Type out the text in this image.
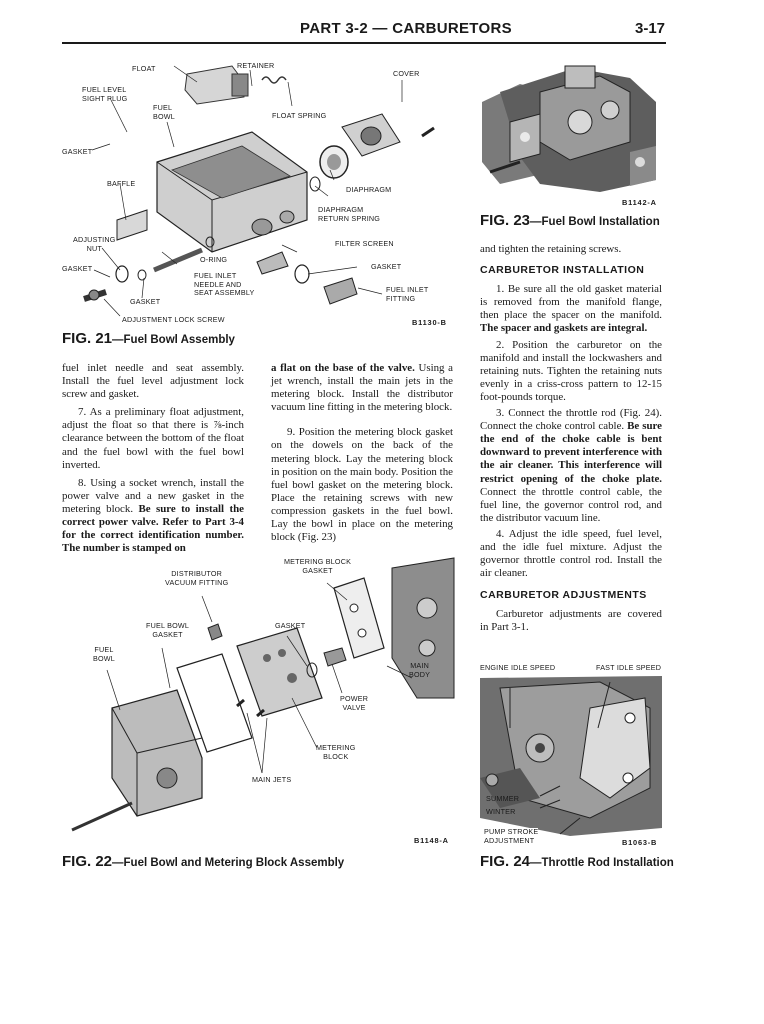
PART 3-2 — CARBURETORS	3-17
FLOAT	RETAINER
COVER
FUEL LEVEL
SIGHT PLUG
FUEL
BOWL	FLOAT SPRING
GASKET
BAFFLE
DIAPHRAGM
DIAPHRAGM
RETURN SPRING
ADJUSTING
NUT
FILTER SCREEN
O-RING
GASKET	GASKET
FUEL INLET
NEEDLE AND
SEAT ASSEMBLY	FUEL INLET
FITTING
GASKET
ADJUSTMENT LOCK SCREW	B1130-B
FIG. 21—Fuel Bowl Assembly
B1142-A
FIG. 23—Fuel Bowl Installation

fuel inlet needle and seat assembly. Install the fuel level adjustment lock screw and gasket.

7. As a preliminary float adjustment, adjust the float so that there is ⅞-inch clearance between the bottom of the float and the fuel bowl with the fuel bowl inverted.

8. Using a socket wrench, install the power valve and a new gasket in the metering block. Be sure to install the correct power valve. Refer to Part 3-4 for the correct identification number. The number is stamped on

a flat on the base of the valve. Using a jet wrench, install the main jets in the metering block. Install the distributor vacuum line fitting in the metering block.

9. Position the metering block gasket on the dowels on the back of the metering block. Lay the metering block in position on the main body. Position the fuel bowl gasket on the metering block. Place the retaining screws with new compression gaskets in the fuel bowl. Lay the bowl in place on the metering block (Fig. 23)

and tighten the retaining screws.

CARBURETOR INSTALLATION

1. Be sure all the old gasket material is removed from the manifold flange, then place the spacer on the manifold. The spacer and gaskets are integral.

2. Position the carburetor on the manifold and install the lockwashers and retaining nuts. Tighten the retaining nuts evenly in a criss-cross pattern to 12-15 foot-pounds torque.

3. Connect the throttle rod (Fig. 24). Connect the choke control cable. Be sure the end of the choke cable is bent downward to prevent interference with the air cleaner. This interference will restrict opening of the choke plate. Connect the throttle control cable, the fuel line, the governor control rod, and the distributor vacuum line.

4. Adjust the idle speed, fuel level, and the idle fuel mixture. Adjust the governor throttle control rod. Install the air cleaner.

CARBURETOR ADJUSTMENTS

Carburetor adjustments are covered in Part 3-1.

METERING BLOCK
GASKET
DISTRIBUTOR
VACUUM FITTING
FUEL BOWL
GASKET
GASKET
FUEL
BOWL
MAIN
BODY
POWER
VALVE
METERING
BLOCK
MAIN JETS
B1148-A
FIG. 22—Fuel Bowl and Metering Block Assembly
ENGINE IDLE SPEED	FAST IDLE SPEED
SUMMER
WINTER
PUMP STROKE
ADJUSTMENT	B1063-B
FIG. 24—Throttle Rod Installation
